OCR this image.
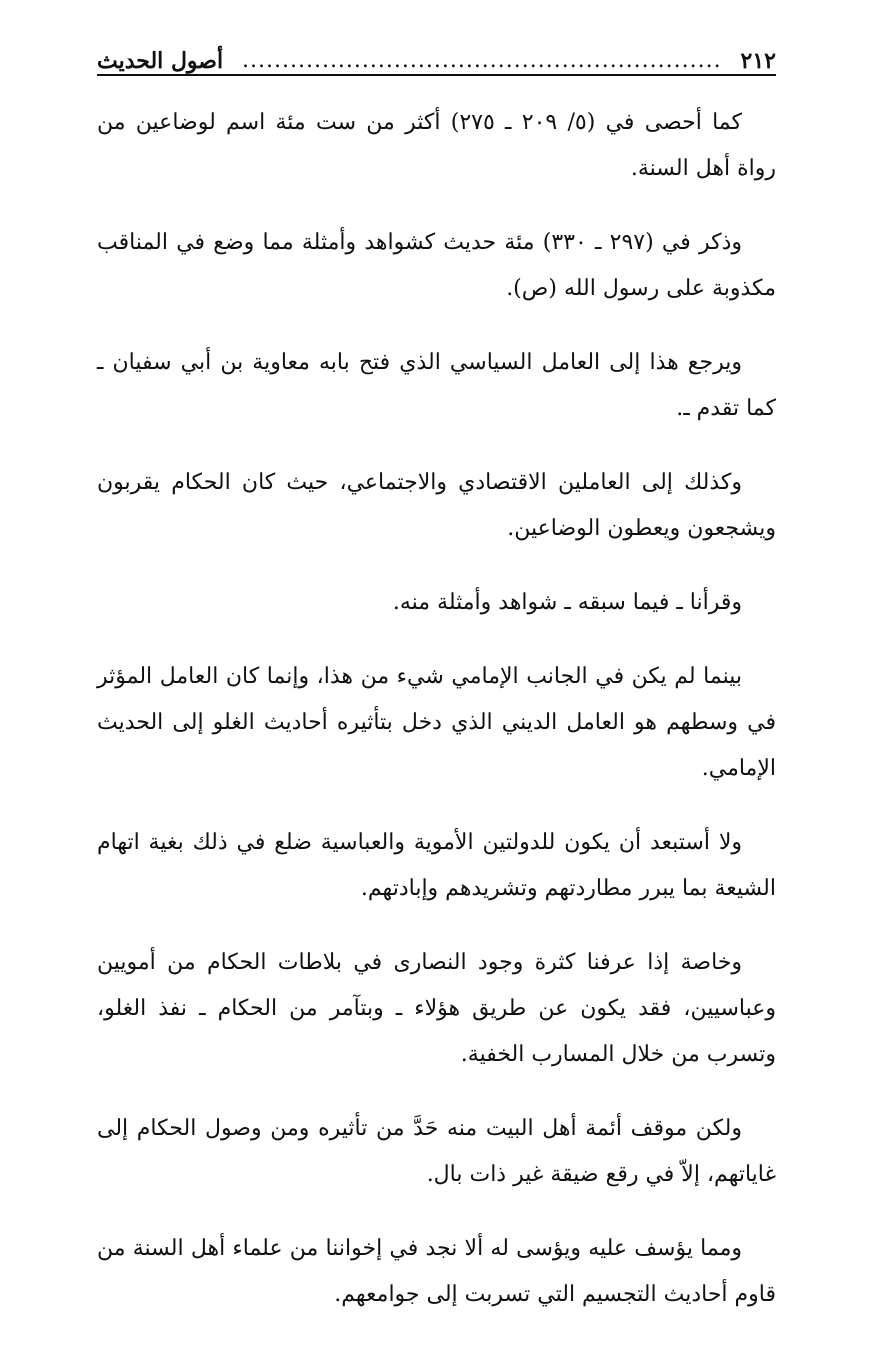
٢١٢
............................................................
أصول الحديث

كما أحصى في (٥/ ٢٠٩ ـ ٢٧٥) أكثر من ست مئة اسم لوضاعين من رواة أهل السنة.

وذكر في (٢٩٧ ـ ٣٣٠) مئة حديث كشواهد وأمثلة مما وضع في المناقب مكذوبة على رسول الله (ص).

ويرجع هذا إلى العامل السياسي الذي فتح بابه معاوية بن أبي سفيان ـ كما تقدم ـ.

وكذلك إلى العاملين الاقتصادي والاجتماعي، حيث كان الحكام يقربون ويشجعون ويعطون الوضاعين.

وقرأنا ـ فيما سبقه ـ شواهد وأمثلة منه.

بينما لم يكن في الجانب الإمامي شيء من هذا، وإنما كان العامل المؤثر في وسطهم هو العامل الديني الذي دخل بتأثيره أحاديث الغلو إلى الحديث الإمامي.

ولا أستبعد أن يكون للدولتين الأموية والعباسية ضلع في ذلك بغية اتهام الشيعة بما يبرر مطاردتهم وتشريدهم وإبادتهم.

وخاصة إذا عرفنا كثرة وجود النصارى في بلاطات الحكام من أمويين وعباسيين، فقد يكون عن طريق هؤلاء ـ وبتآمر من الحكام ـ نفذ الغلو، وتسرب من خلال المسارب الخفية.

ولكن موقف أئمة أهل البيت منه حَدَّ من تأثيره ومن وصول الحكام إلى غاياتهم، إلاّ في رقع ضيقة غير ذات بال.

ومما يؤسف عليه ويؤسى له ألا نجد في إخواننا من علماء أهل السنة من قاوم أحاديث التجسيم التي تسربت إلى جوامعهم.
